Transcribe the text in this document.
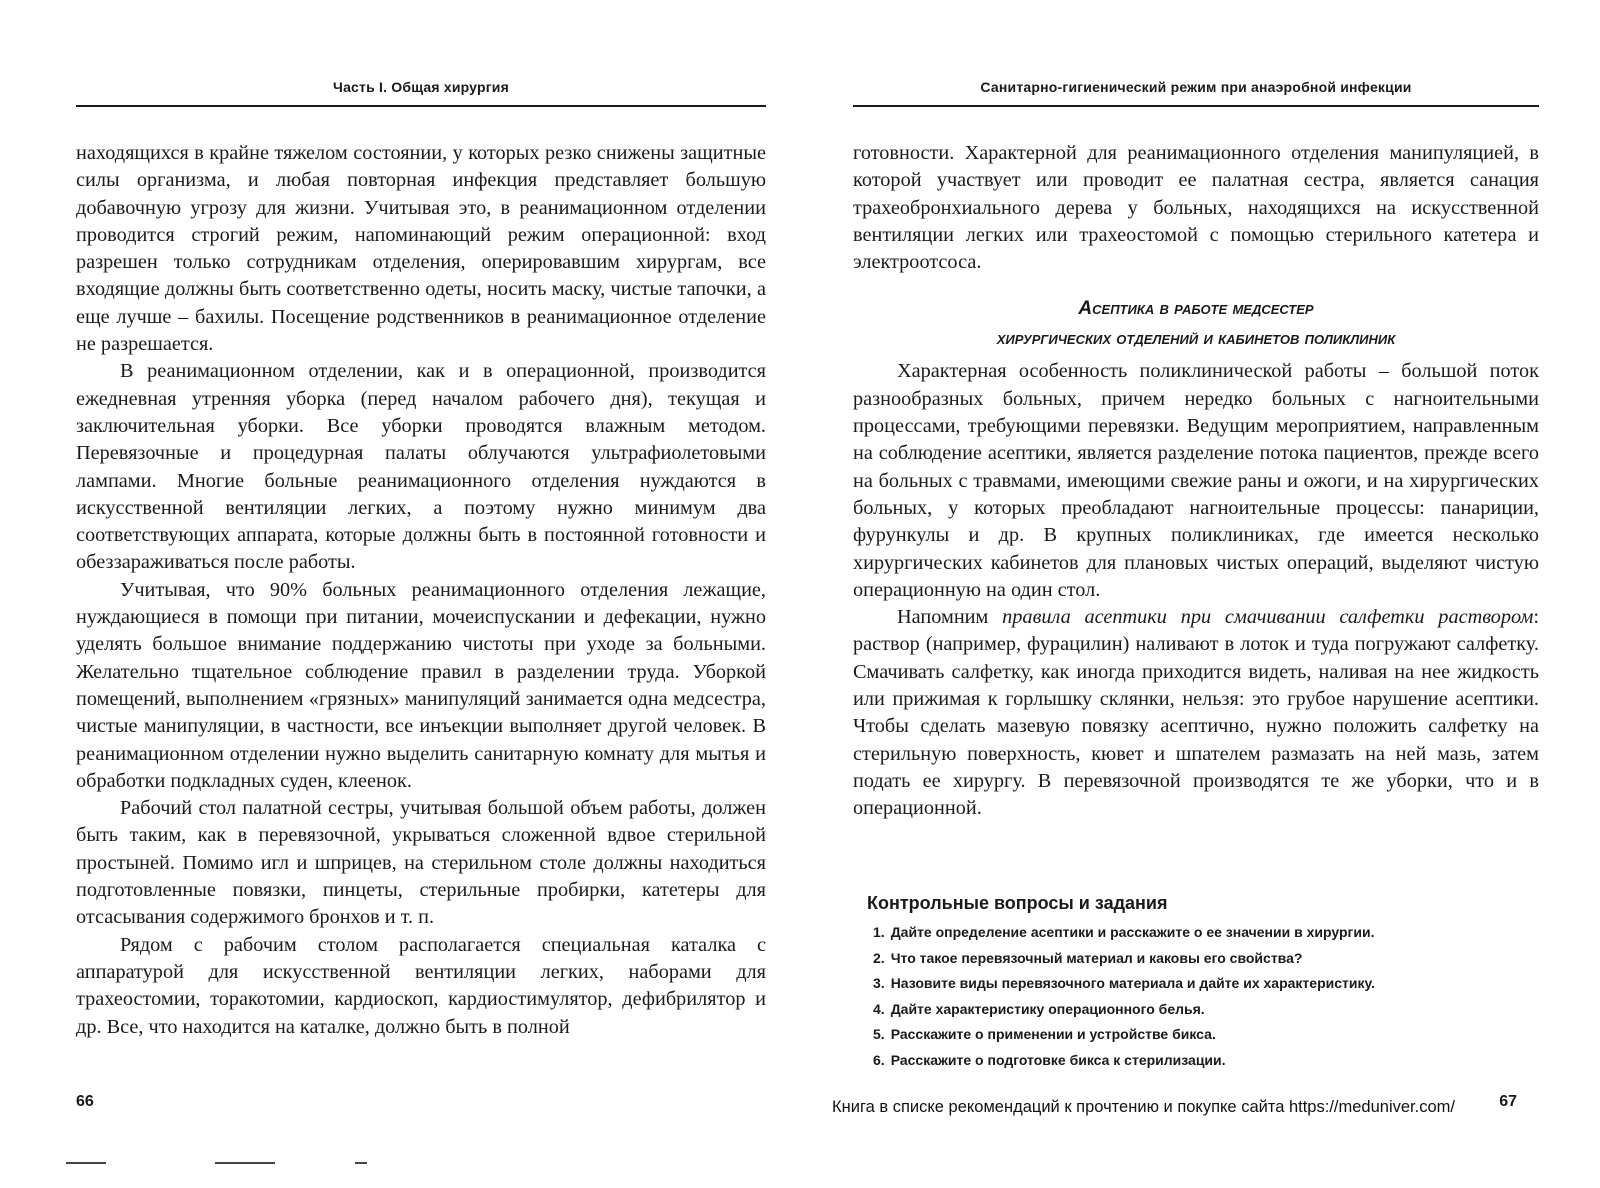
Часть I. Общая хирургия

находящихся в крайне тяжелом состоянии, у которых резко снижены защитные силы организма, и любая повторная инфекция представляет большую добавочную угрозу для жизни. Учитывая это, в реанимационном отделении проводится строгий режим, напоминающий режим операционной: вход разрешен только сотрудникам отделения, оперировавшим хирургам, все входящие должны быть соответственно одеты, носить маску, чистые тапочки, а еще лучше – бахилы. Посещение родственников в реанимационное отделение не разрешается.

В реанимационном отделении, как и в операционной, производится ежедневная утренняя уборка (перед началом рабочего дня), текущая и заключительная уборки. Все уборки проводятся влажным методом. Перевязочные и процедурная палаты облучаются ультрафиолетовыми лампами. Многие больные реанимационного отделения нуждаются в искусственной вентиляции легких, а поэтому нужно минимум два соответствующих аппарата, которые должны быть в постоянной готовности и обеззараживаться после работы.

Учитывая, что 90% больных реанимационного отделения лежащие, нуждающиеся в помощи при питании, мочеиспускании и дефекации, нужно уделять большое внимание поддержанию чистоты при уходе за больными. Желательно тщательное соблюдение правил в разделении труда. Уборкой помещений, выполнением «грязных» манипуляций занимается одна медсестра, чистые манипуляции, в частности, все инъекции выполняет другой человек. В реанимационном отделении нужно выделить санитарную комнату для мытья и обработки подкладных суден, клеенок.

Рабочий стол палатной сестры, учитывая большой объем работы, должен быть таким, как в перевязочной, укрываться сложенной вдвое стерильной простыней. Помимо игл и шприцев, на стерильном столе должны находиться подготовленные повязки, пинцеты, стерильные пробирки, катетеры для отсасывания содержимого бронхов и т. п.

Рядом с рабочим столом располагается специальная каталка с аппаратурой для искусственной вентиляции легких, наборами для трахеостомии, торакотомии, кардиоскоп, кардиостимулятор, дефибрилятор и др. Все, что находится на каталке, должно быть в полной

66
Санитарно-гигиенический режим при анаэробной инфекции

готовности. Характерной для реанимационного отделения манипуляцией, в которой участвует или проводит ее палатная сестра, является санация трахеобронхиального дерева у больных, находящихся на искусственной вентиляции легких или трахеостомой с помощью стерильного катетера и электроотсоса.

Асептика в работе медсестер
хирургических отделений и кабинетов поликлиник

Характерная особенность поликлинической работы – большой поток разнообразных больных, причем нередко больных с нагноительными процессами, требующими перевязки. Ведущим мероприятием, направленным на соблюдение асептики, является разделение потока пациентов, прежде всего на больных с травмами, имеющими свежие раны и ожоги, и на хирургических больных, у которых преобладают нагноительные процессы: панариции, фурункулы и др. В крупных поликлиниках, где имеется несколько хирургических кабинетов для плановых чистых операций, выделяют чистую операционную на один стол.

Напомним правила асептики при смачивании салфетки раствором: раствор (например, фурацилин) наливают в лоток и туда погружают салфетку. Смачивать салфетку, как иногда приходится видеть, наливая на нее жидкость или прижимая к горлышку склянки, нельзя: это грубое нарушение асептики. Чтобы сделать мазевую повязку асептично, нужно положить салфетку на стерильную поверхность, кювет и шпателем размазать на ней мазь, затем подать ее хирургу. В перевязочной производятся те же уборки, что и в операционной.

Контрольные вопросы и задания
1. Дайте определение асептики и расскажите о ее значении в хирургии.
2. Что такое перевязочный материал и каковы его свойства?
3. Назовите виды перевязочного материала и дайте их характеристику.
4. Дайте характеристику операционного белья.
5. Расскажите о применении и устройстве бикса.
6. Расскажите о подготовке бикса к стерилизации.
67
Книга в списке рекомендаций к прочтению и покупке сайта https://meduniver.com/
